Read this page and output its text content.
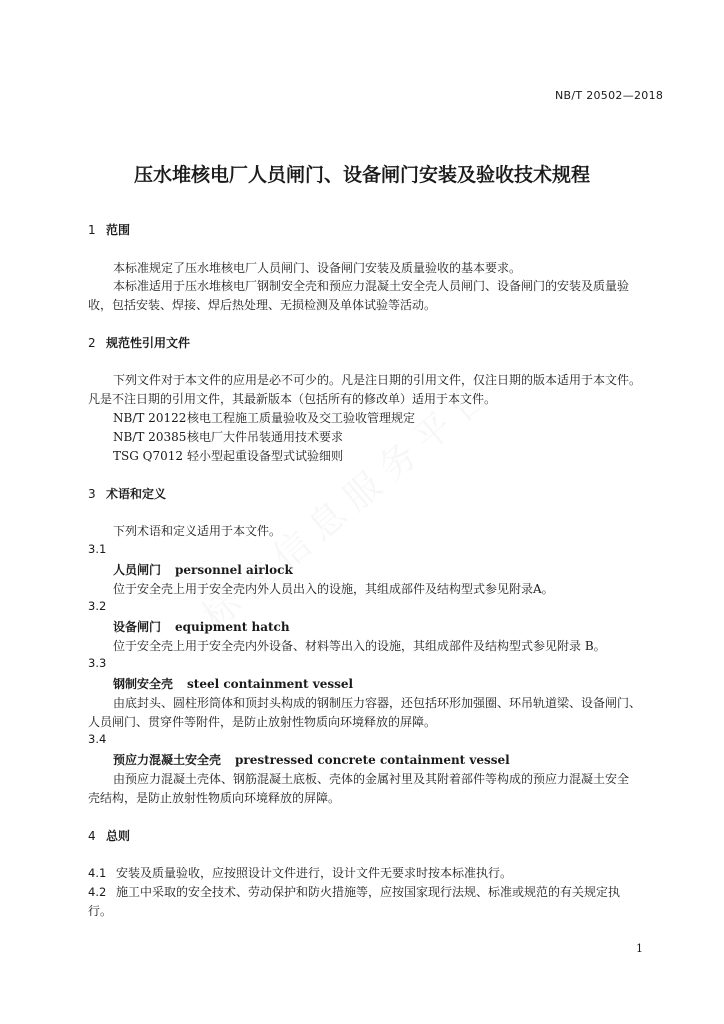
NB/T 20502—2018
压水堆核电厂人员闸门、设备闸门安装及验收技术规程
1 范围
本标准规定了压水堆核电厂人员闸门、设备闸门安装及质量验收的基本要求。
本标准适用于压水堆核电厂钢制安全壳和预应力混凝土安全壳人员闸门、设备闸门的安装及质量验
收，包括安装、焊接、焊后热处理、无损检测及单体试验等活动。
2 规范性引用文件
下列文件对于本文件的应用是必不可少的。凡是注日期的引用文件，仅注日期的版本适用于本文件。
凡是不注日期的引用文件，其最新版本（包括所有的修改单）适用于本文件。
NB/T 20122核电工程施工质量验收及交工验收管理规定
NB/T 20385核电厂大件吊装通用技术要求
TSG Q7012 轻小型起重设备型式试验细则
3 术语和定义
下列术语和定义适用于本文件。
3.1
人员闸门 personnel airlock
位于安全壳上用于安全壳内外人员出入的设施，其组成部件及结构型式参见附录A。
3.2
设备闸门 equipment hatch
位于安全壳上用于安全壳内外设备、材料等出入的设施，其组成部件及结构型式参见附录 B。
3.3
钢制安全壳 steel containment vessel
由底封头、圆柱形筒体和顶封头构成的钢制压力容器，还包括环形加强圈、环吊轨道梁、设备闸门、
人员闸门、贯穿件等附件，是防止放射性物质向环境释放的屏障。
3.4
预应力混凝土安全壳 prestressed concrete containment vessel
由预应力混凝土壳体、钢筋混凝土底板、壳体的金属衬里及其附着部件等构成的预应力混凝土安全
壳结构，是防止放射性物质向环境释放的屏障。
4 总则
4.1 安装及质量验收，应按照设计文件进行，设计文件无要求时按本标准执行。
4.2 施工中采取的安全技术、劳动保护和防火措施等，应按国家现行法规、标准或规范的有关规定执
行。
1
